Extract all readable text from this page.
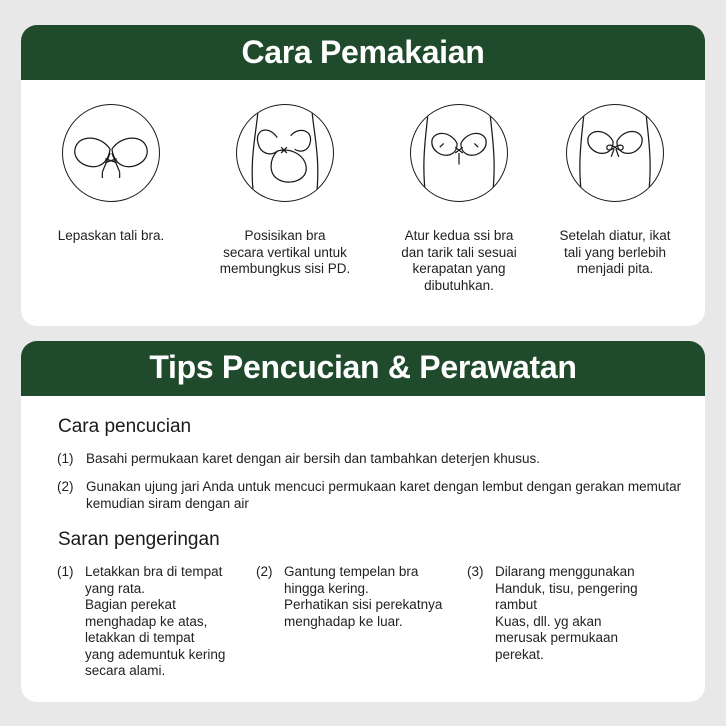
Cara Pemakaian
Lepaskan tali bra.	Posisikan bra
secara vertikal untuk
membungkus sisi PD.
Atur kedua ssi bra
dan tarik tali sesuai
kerapatan yang
dibutuhkan.
Setelah diatur, ikat
tali yang berlebih
menjadi pita.
Tips Pencucian & Perawatan
Cara pencucian
(1) Basahi permukaan karet dengan air bersih dan tambahkan deterjen khusus.
(2) Gunakan ujung jari Anda untuk mencuci permukaan karet dengan lembut dengan gerakan memutar kemudian siram dengan air
Saran pengeringan
(1) Letakkan bra di tempat
yang rata.
Bagian perekat
menghadap ke atas,
letakkan di tempat
yang ademuntuk kering
secara alami.
(2) Gantung tempelan bra
hingga kering.
Perhatikan sisi perekatnya
menghadap ke luar.
(3) Dilarang menggunakan
Handuk, tisu, pengering
rambut
Kuas, dll. yg akan
merusak permukaan
perekat.
